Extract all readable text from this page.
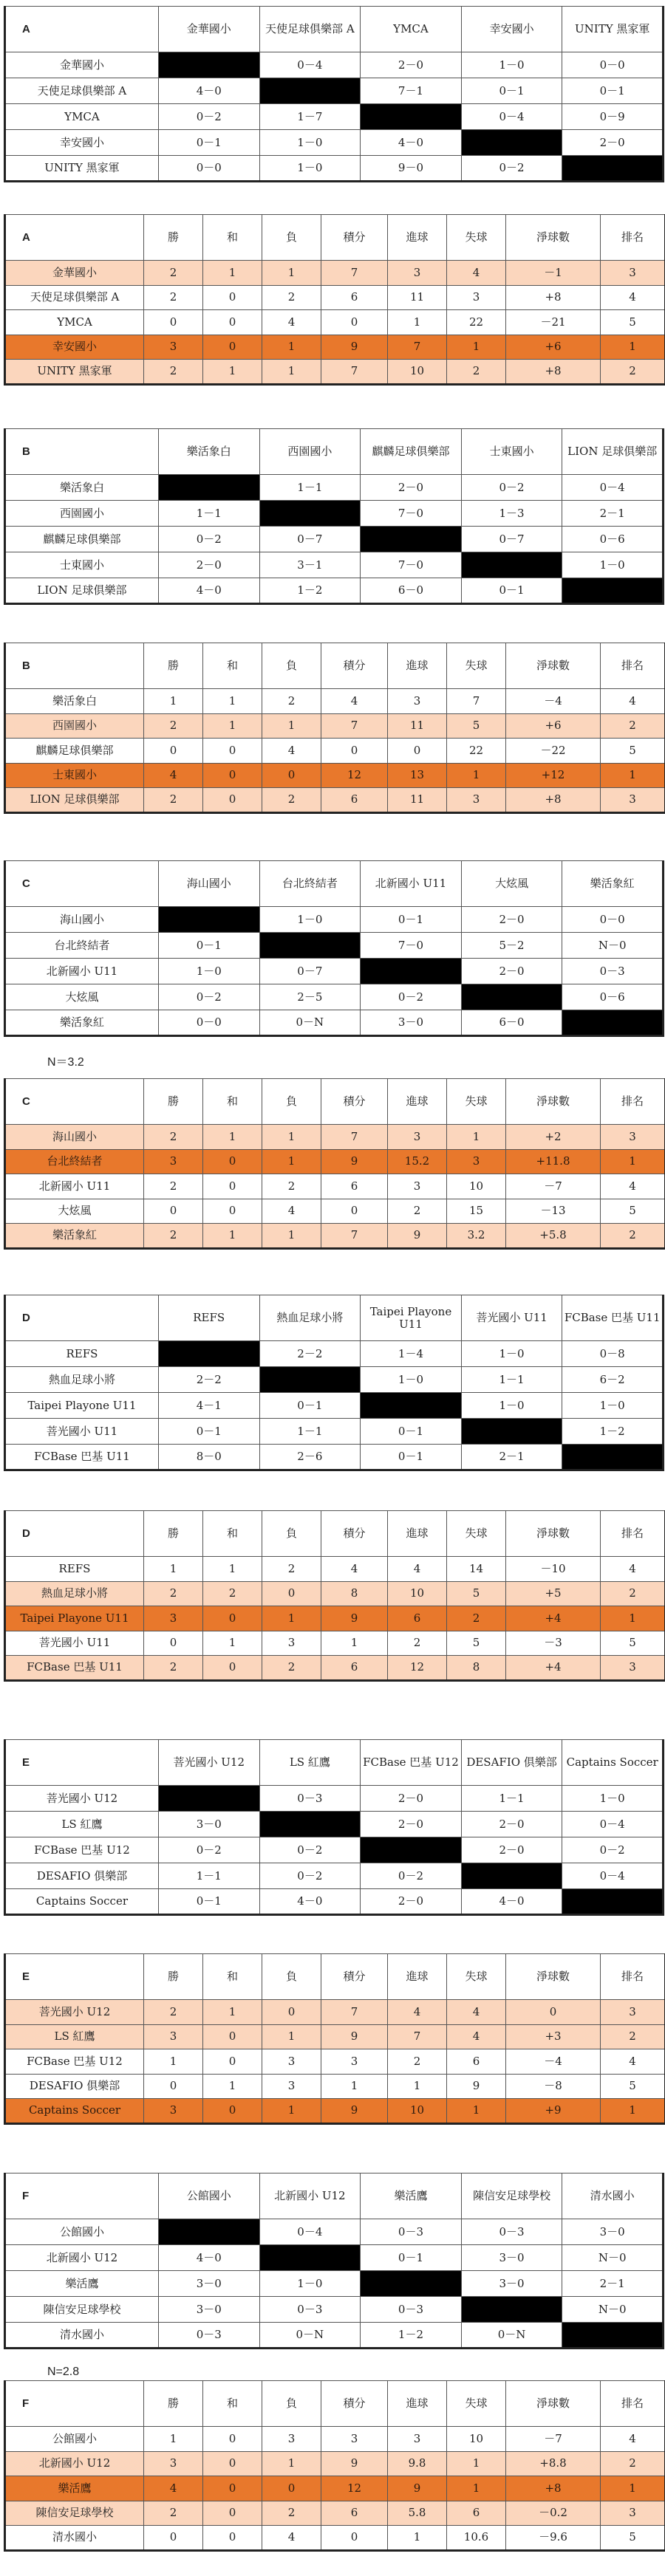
A	金華國小	天使足球俱樂部 A	YMCA	幸安國小	UNITY 黑家軍
金華國小		0－4	2－0	1－0	0－0
天使足球俱樂部 A	4－0		7－1	0－1	0－1
YMCA	0－2	1－7		0－4	0－9
幸安國小	0－1	1－0	4－0		2－0
UNITY 黑家軍	0－0	1－0	9－0	0－2	
A	勝	和	負	積分	進球	失球	淨球數	排名
金華國小	2	1	1	7	3	4	－1	3
天使足球俱樂部 A	2	0	2	6	11	3	+8	4
YMCA	0	0	4	0	1	22	－21	5
幸安國小	3	0	1	9	7	1	+6	1
UNITY 黑家軍	2	1	1	7	10	2	+8	2
B	樂活象白	西園國小	麒麟足球俱樂部	士東國小	LION 足球俱樂部
樂活象白		1－1	2－0	0－2	0－4
西園國小	1－1		7－0	1－3	2－1
麒麟足球俱樂部	0－2	0－7		0－7	0－6
士東國小	2－0	3－1	7－0		1－0
LION 足球俱樂部	4－0	1－2	6－0	0－1	
B	勝	和	負	積分	進球	失球	淨球數	排名
樂活象白	1	1	2	4	3	7	－4	4
西園國小	2	1	1	7	11	5	+6	2
麒麟足球俱樂部	0	0	4	0	0	22	－22	5
士東國小	4	0	0	12	13	1	+12	1
LION 足球俱樂部	2	0	2	6	11	3	+8	3
C	海山國小	台北終結者	北新國小 U11	大炫風	樂活象紅
海山國小		1－0	0－1	2－0	0－0
台北終結者	0－1		7－0	5－2	N－0
北新國小 U11	1－0	0－7		2－0	0－3
大炫風	0－2	2－5	0－2		0－6
樂活象紅	0－0	0－N	3－0	6－0	
N＝3.2
C	勝	和	負	積分	進球	失球	淨球數	排名
海山國小	2	1	1	7	3	1	+2	3
台北終結者	3	0	1	9	15.2	3	+11.8	1
北新國小 U11	2	0	2	6	3	10	－7	4
大炫風	0	0	4	0	2	15	－13	5
樂活象紅	2	1	1	7	9	3.2	+5.8	2
D	REFS	熱血足球小將	Taipei Playone U11	菩光國小 U11	FCBase 巴基 U11
REFS		2－2	1－4	1－0	0－8
熱血足球小將	2－2		1－0	1－1	6－2
Taipei Playone U11	4－1	0－1		1－0	1－0
菩光國小 U11	0－1	1－1	0－1		1－2
FCBase 巴基 U11	8－0	2－6	0－1	2－1	
D	勝	和	負	積分	進球	失球	淨球數	排名
REFS	1	1	2	4	4	14	－10	4
熱血足球小將	2	2	0	8	10	5	+5	2
Taipei Playone U11	3	0	1	9	6	2	+4	1
菩光國小 U11	0	1	3	1	2	5	－3	5
FCBase 巴基 U11	2	0	2	6	12	8	+4	3
E	菩光國小 U12	LS 紅鷹	FCBase 巴基 U12	DESAFIO 俱樂部	Captains Soccer
菩光國小 U12		0－3	2－0	1－1	1－0
LS 紅鷹	3－0		2－0	2－0	0－4
FCBase 巴基 U12	0－2	0－2		2－0	0－2
DESAFIO 俱樂部	1－1	0－2	0－2		0－4
Captains Soccer	0－1	4－0	2－0	4－0	
E	勝	和	負	積分	進球	失球	淨球數	排名
菩光國小 U12	2	1	0	7	4	4	0	3
LS 紅鷹	3	0	1	9	7	4	+3	2
FCBase 巴基 U12	1	0	3	3	2	6	－4	4
DESAFIO 俱樂部	0	1	3	1	1	9	－8	5
Captains Soccer	3	0	1	9	10	1	+9	1
F	公館國小	北新國小 U12	樂活鷹	陳信安足球學校	清水國小
公館國小		0－4	0－3	0－3	3－0
北新國小 U12	4－0		0－1	3－0	N－0
樂活鷹	3－0	1－0		3－0	2－1
陳信安足球學校	3－0	0－3	0－3		N－0
清水國小	0－3	0－N	1－2	0－N	
N=2.8
F	勝	和	負	積分	進球	失球	淨球數	排名
公館國小	1	0	3	3	3	10	－7	4
北新國小 U12	3	0	1	9	9.8	1	+8.8	2
樂活鷹	4	0	0	12	9	1	+8	1
陳信安足球學校	2	0	2	6	5.8	6	－0.2	3
清水國小	0	0	4	0	1	10.6	－9.6	5
